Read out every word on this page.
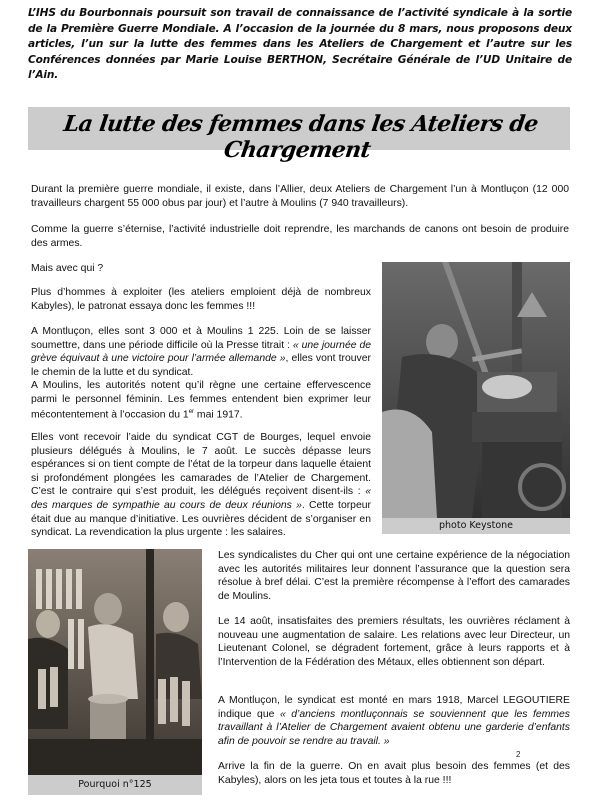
L’IHS du Bourbonnais poursuit son travail de connaissance de l’activité syndicale à la sortie de la Première Guerre Mondiale. A l’occasion de la journée du 8 mars, nous proposons deux articles, l’un sur la lutte des femmes dans les Ateliers de Chargement et l’autre sur les Conférences données par Marie Louise BERTHON, Secrétaire Générale de l’UD Unitaire de l’Ain.
La lutte des femmes dans les Ateliers de Chargement

Durant la première guerre mondiale, il existe, dans l’Allier, deux Ateliers de Chargement l’un à Montluçon (12 000 travailleurs chargent 55 000 obus par jour) et l’autre à Moulins (7 940 travailleurs).

Comme la guerre s’éternise, l’activité industrielle doit reprendre, les marchands de canons ont besoin de produire des armes.

Mais avec qui ?

Plus d’hommes à exploiter (les ateliers emploient déjà de nombreux Kabyles), le patronat essaya donc les femmes !!!

A Montluçon, elles sont 3 000 et à Moulins 1 225. Loin de se laisser soumettre, dans une période difficile où la Presse titrait : « une journée de grève équivaut à une victoire pour l’armée allemande », elles vont trouver le chemin de la lutte et du syndicat.

A Moulins, les autorités notent qu’il règne une certaine effervescence parmi le personnel féminin. Les femmes entendent bien exprimer leur mécontentement à l’occasion du 1er mai 1917.

Elles vont recevoir l’aide du syndicat CGT de Bourges, lequel envoie plusieurs délégués à Moulins, le 7 août. Le succès dépasse leurs espérances si on tient compte de l’état de la torpeur dans laquelle étaient si profondément plongées les camarades de l’Atelier de Chargement. C’est le contraire qui s’est produit, les délégués reçoivent disent-ils : « des marques de sympathie au cours de deux réunions ». Cette torpeur était due au manque d’initiative. Les ouvrières décident de s’organiser en syndicat. La revendication la plus urgente : les salaires.

photo Keystone
Pourquoi n°125

Les syndicalistes du Cher qui ont une certaine expérience de la négociation avec les autorités militaires leur donnent l’assurance que la question sera résolue à bref délai. C’est la première récompense à l’effort des camarades de Moulins.

Le 14 août, insatisfaites des premiers résultats, les ouvrières réclament à nouveau une augmentation de salaire. Les relations avec leur Directeur, un Lieutenant Colonel, se dégradent fortement, grâce à leurs rapports et à l’Intervention de la Fédération des Métaux, elles obtiennent son départ.

A Montluçon, le syndicat est monté en mars 1918, Marcel LEGOUTIERE indique que « d’anciens montluçonnais se souviennent que les femmes travaillant à l’Atelier de Chargement avaient obtenu une garderie d’enfants afin de pouvoir se rendre au travail. »

Arrive la fin de la guerre. On en avait plus besoin des femmes (et des Kabyles), alors on les jeta tous et toutes à la rue !!!

2
